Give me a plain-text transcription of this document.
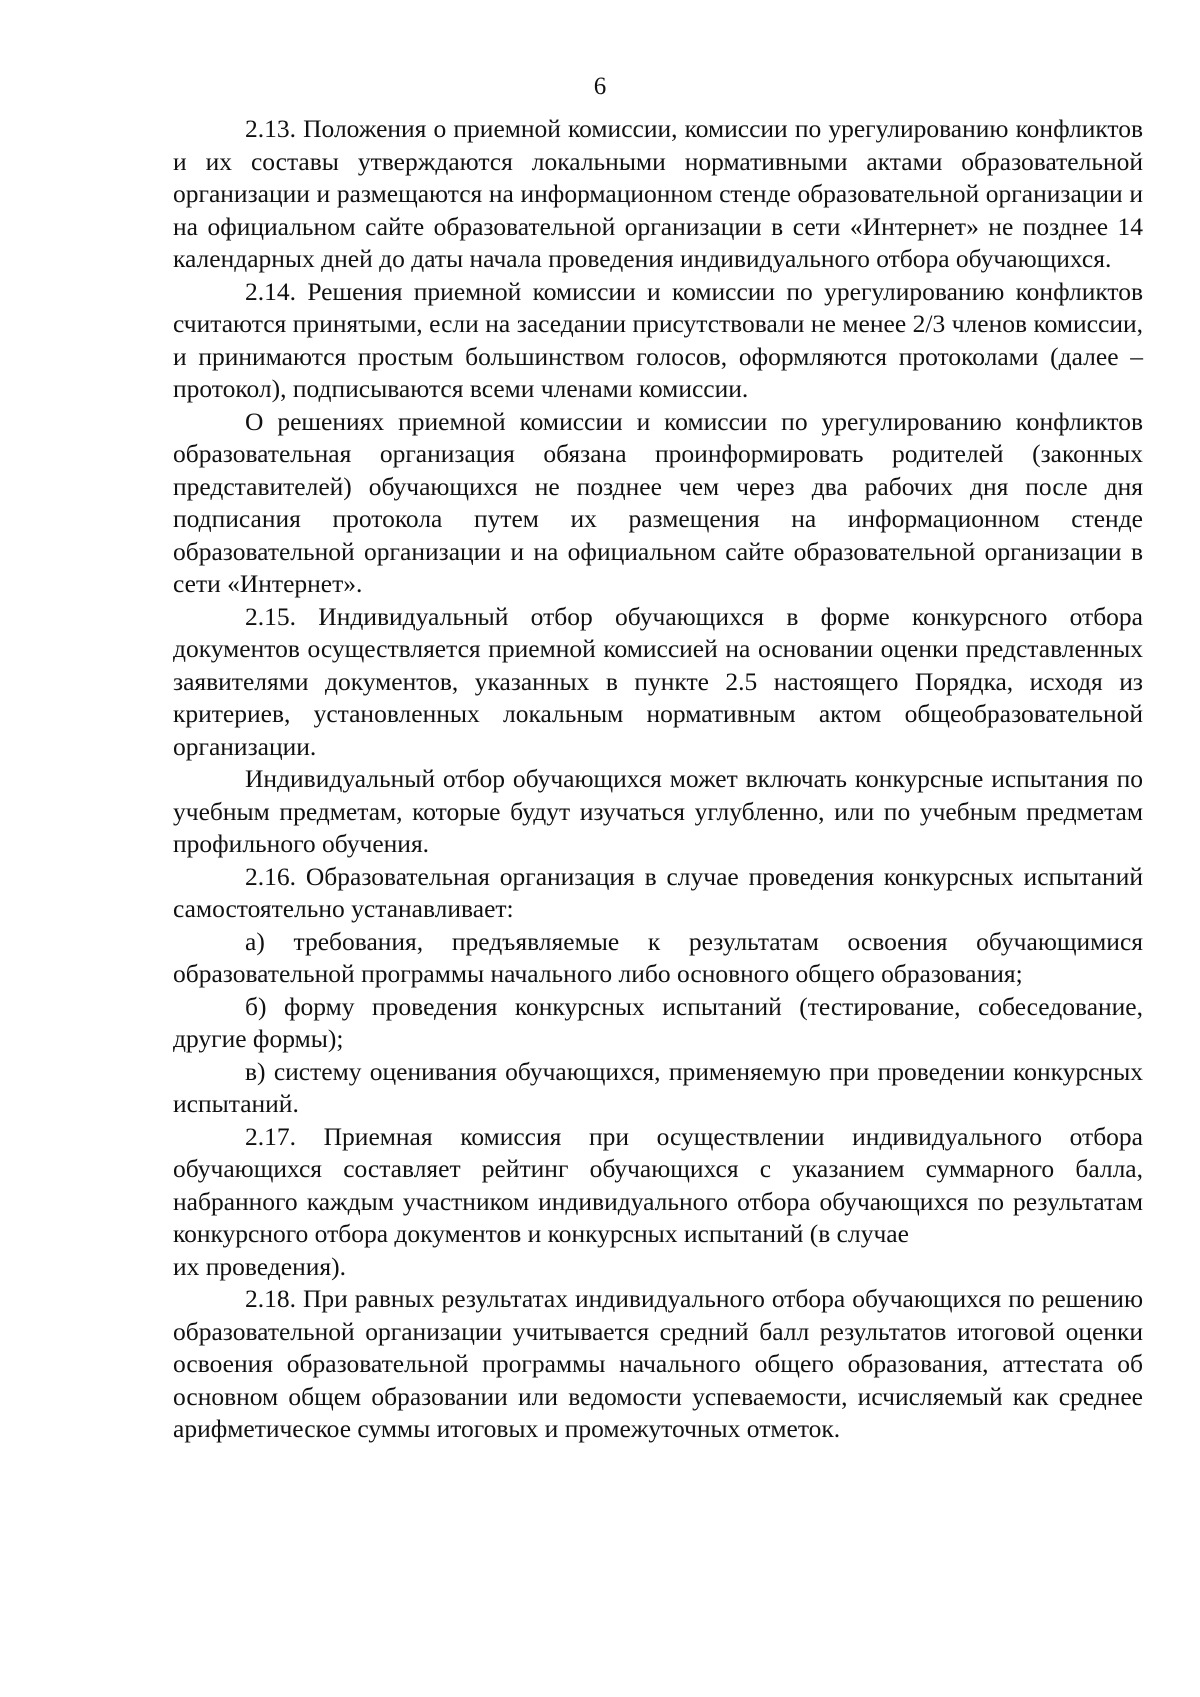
6

2.13. Положения о приемной комиссии, комиссии по урегулированию конфликтов и их составы утверждаются локальными нормативными актами образовательной организации и размещаются на информационном стенде образовательной организации и на официальном сайте образовательной организации в сети «Интернет» не позднее 14 календарных дней до даты начала проведения индивидуального отбора обучающихся.

2.14. Решения приемной комиссии и комиссии по урегулированию конфликтов считаются принятыми, если на заседании присутствовали не менее 2/3 членов комиссии, и принимаются простым большинством голосов, оформляются протоколами (далее – протокол), подписываются всеми членами комиссии.

О решениях приемной комиссии и комиссии по урегулированию конфликтов образовательная организация обязана проинформировать родителей (законных представителей) обучающихся не позднее чем через два рабочих дня после дня подписания протокола путем их размещения на информационном стенде образовательной организации и на официальном сайте образовательной организации в сети «Интернет».

2.15. Индивидуальный отбор обучающихся в форме конкурсного отбора документов осуществляется приемной комиссией на основании оценки представленных заявителями документов, указанных в пункте 2.5 настоящего Порядка, исходя из критериев, установленных локальным нормативным актом общеобразовательной организации.

Индивидуальный отбор обучающихся может включать конкурсные испытания по учебным предметам, которые будут изучаться углубленно, или по учебным предметам профильного обучения.

2.16. Образовательная организация в случае проведения конкурсных испытаний самостоятельно устанавливает:

а) требования, предъявляемые к результатам освоения обучающимися образовательной программы начального либо основного общего образования;

б) форму проведения конкурсных испытаний (тестирование, собеседование, другие формы);

в) систему оценивания обучающихся, применяемую при проведении конкурсных испытаний.

2.17. Приемная комиссия при осуществлении индивидуального отбора обучающихся составляет рейтинг обучающихся с указанием суммарного балла, набранного каждым участником индивидуального отбора обучающихся по результатам конкурсного отбора документов и конкурсных испытаний (в случае

их проведения).

2.18. При равных результатах индивидуального отбора обучающихся по решению образовательной организации учитывается средний балл результатов итоговой оценки освоения образовательной программы начального общего образования, аттестата об основном общем образовании или ведомости успеваемости, исчисляемый как среднее арифметическое суммы итоговых и промежуточных отметок.
